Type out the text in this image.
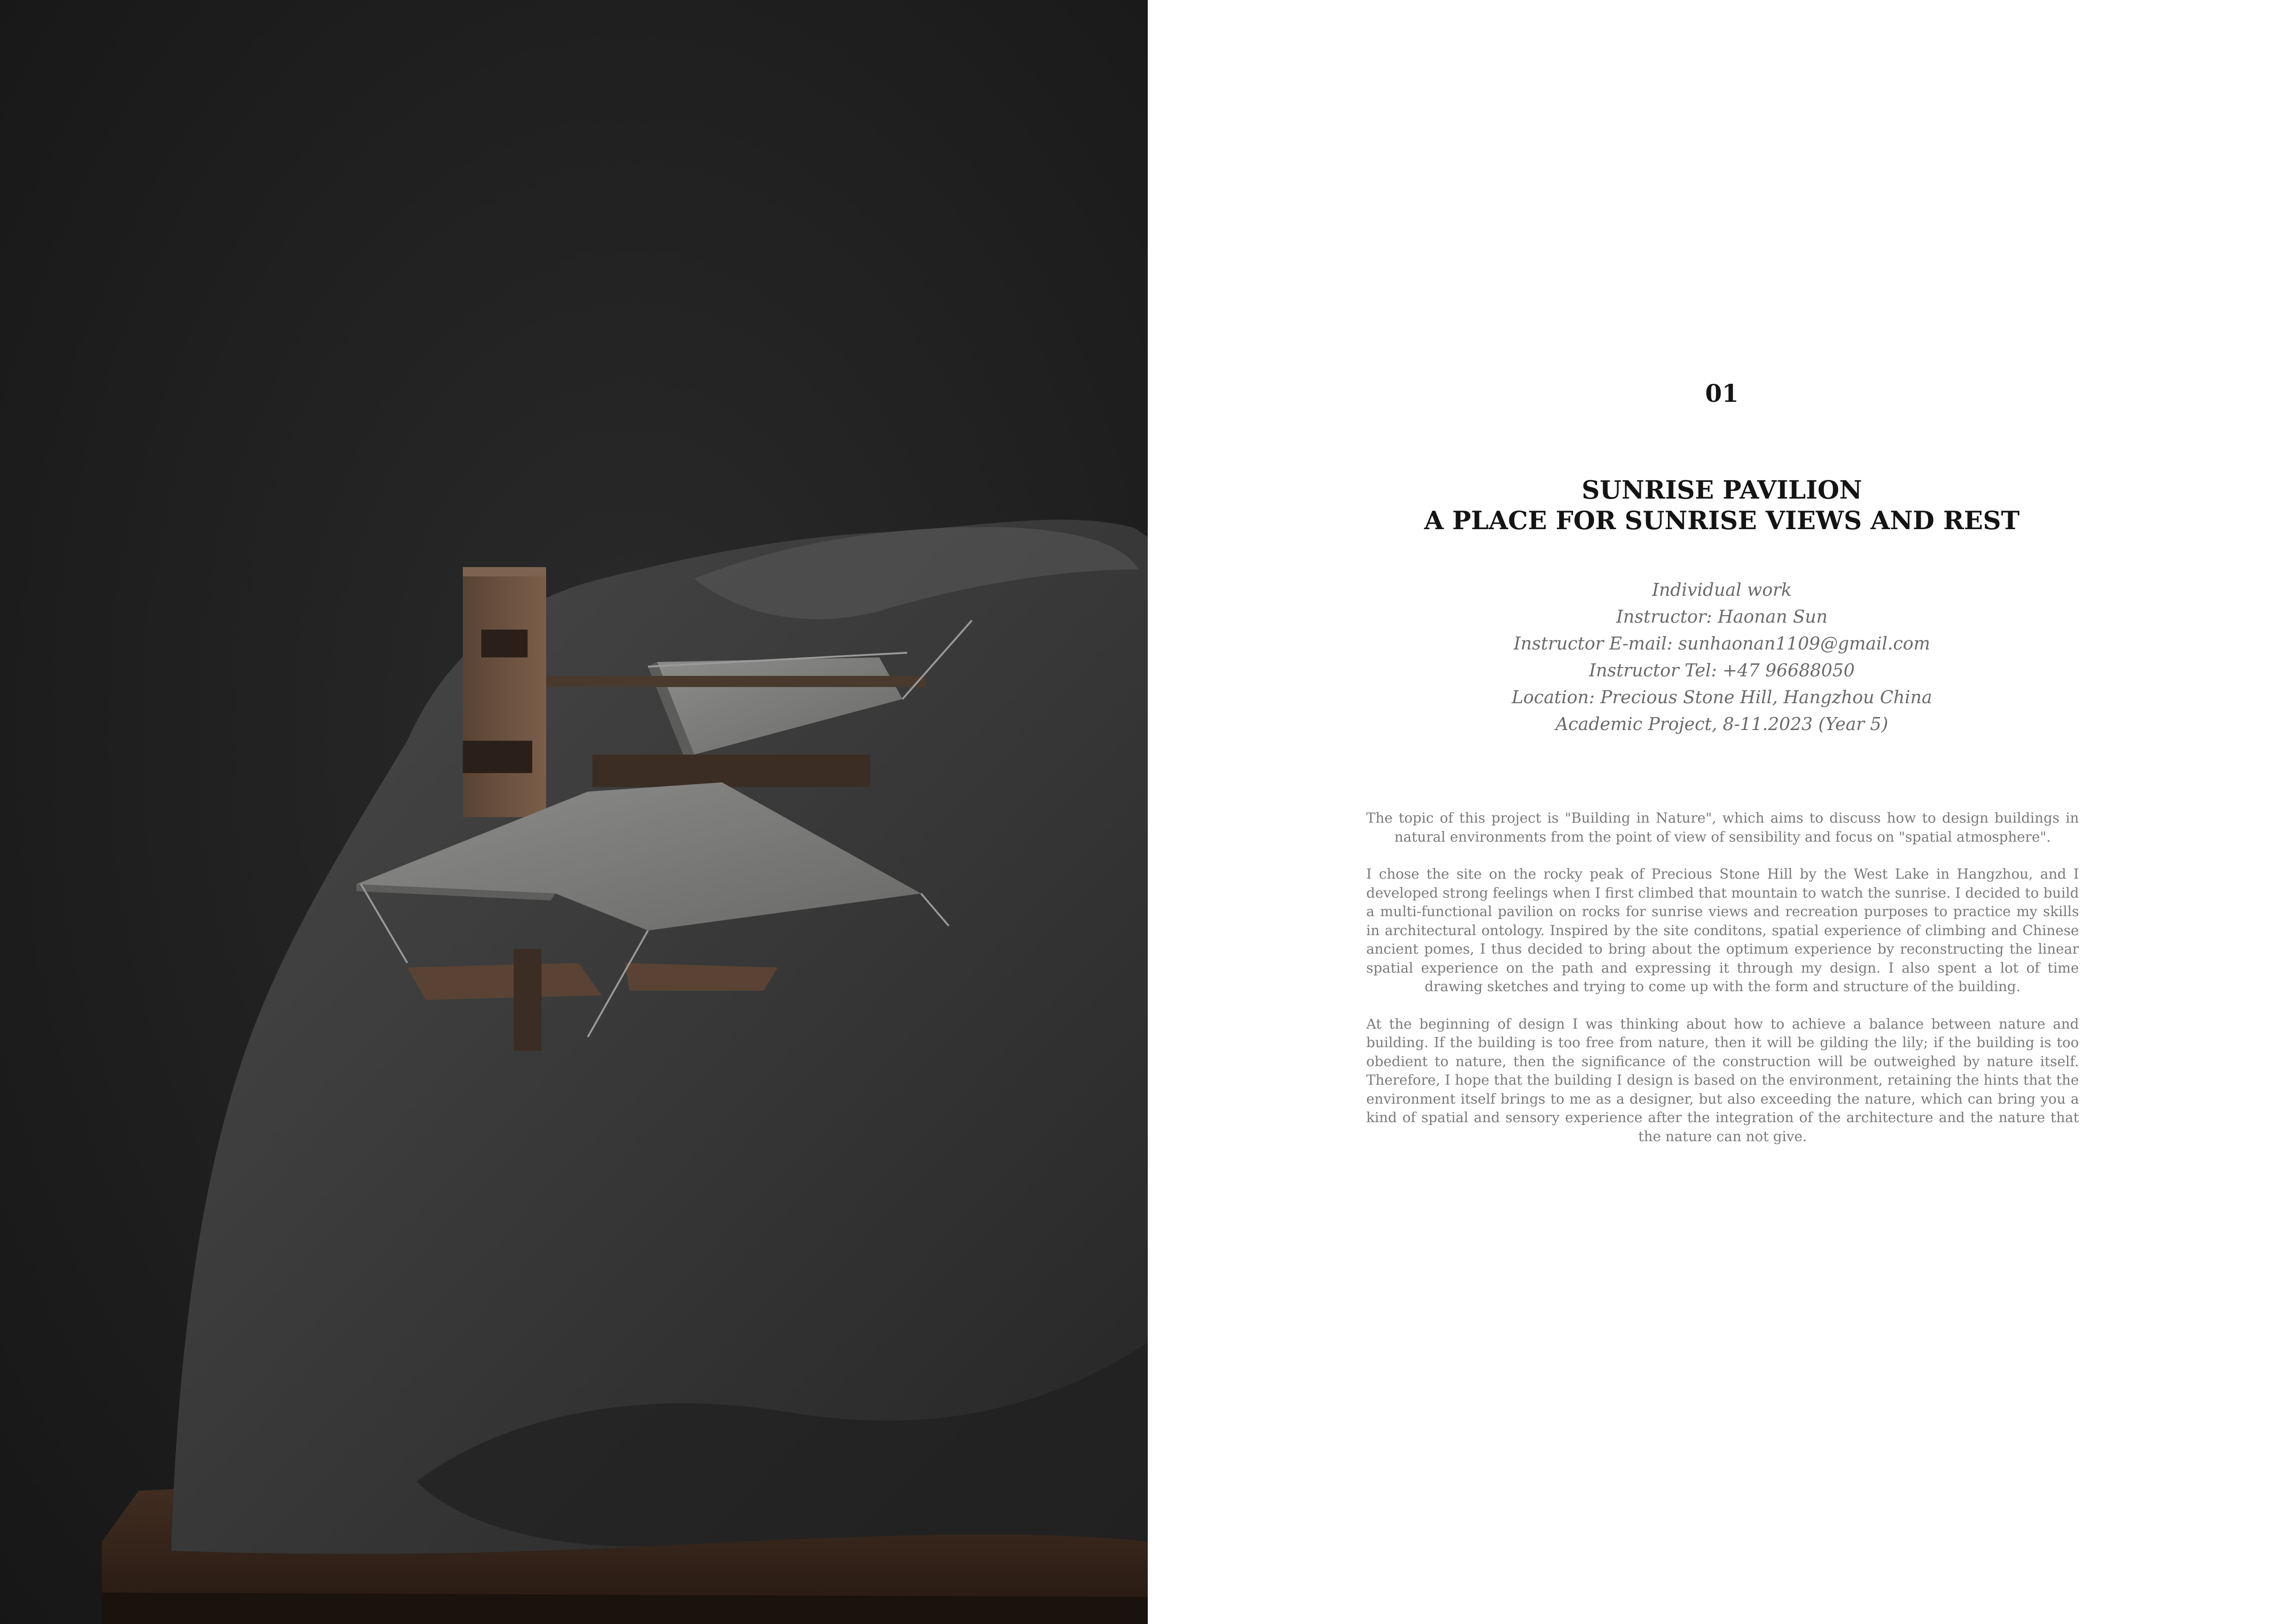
01
SUNRISE PAVILION
A PLACE FOR SUNRISE VIEWS AND REST
Individual work
Instructor: Haonan Sun
Instructor E-mail: sunhaonan1109@gmail.com
Instructor Tel: +47 96688050
Location: Precious Stone Hill, Hangzhou China
Academic Project, 8-11.2023 (Year 5)

The topic of this project is "Building in Nature", which aims to discuss how to design buildings in natural environments from the point of view of sensibility and focus on "spatial atmosphere".

I chose the site on the rocky peak of Precious Stone Hill by the West Lake in Hangzhou, and I developed strong feelings when I first climbed that mountain to watch the sunrise. I decided to build a multi-functional pavilion on rocks for sunrise views and recreation purposes to practice my skills in architectural ontology. Inspired by the site conditons, spatial experience of climbing and Chinese ancient pomes, I thus decided to bring about the optimum experience by reconstructing the linear spatial experience on the path and expressing it through my design. I also spent a lot of time drawing sketches and trying to come up with the form and structure of the building.

At the beginning of design I was thinking about how to achieve a balance between nature and building. If the building is too free from nature, then it will be gilding the lily; if the building is too obedient to nature, then the significance of the construction will be outweighed by nature itself. Therefore, I hope that the building I design is based on the environment, retaining the hints that the environment itself brings to me as a designer, but also exceeding the nature, which can bring you a kind of spatial and sensory experience after the integration of the architecture and the nature that the nature can not give.
